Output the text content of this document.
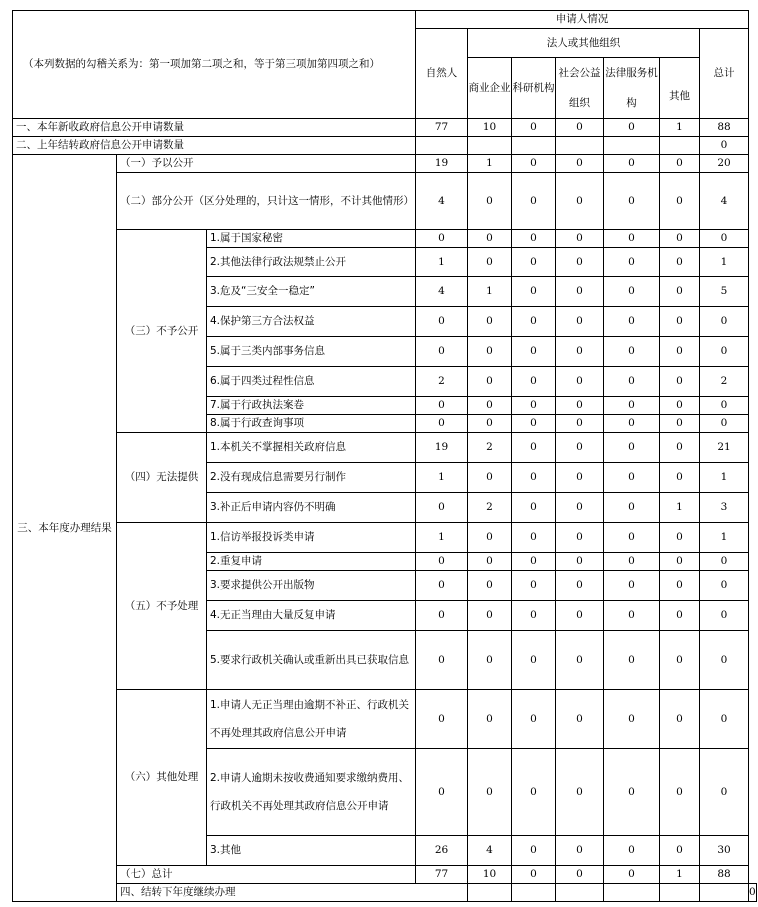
（本列数据的勾稽关系为：第一项加第二项之和，等于第三项加第四项之和）			申请人情况							
			自然人	法人或其他组织					总计	
				商业企业	科研机构	社会公益组织	法律服务机构			
								其他		
一、本年新收政府信息公开申请数量			77	10	0	0	0	1	88	
二、上年结转政府信息公开申请数量									0	
三、本年度办理结果	（一）予以公开		19	1	0	0	0	0	20	
	（二）部分公开（区分处理的，只计这一情形，不计其他情形）		4	0	0	0	0	0	4	
	（三）不予公开	1.属于国家秘密	0	0	0	0	0	0	0	
		2.其他法律行政法规禁止公开	1	0	0	0	0	0	1	
		3.危及“三安全一稳定”	4	1	0	0	0	0	5	
		4.保护第三方合法权益	0	0	0	0	0	0	0	
		5.属于三类内部事务信息	0	0	0	0	0	0	0	
		6.属于四类过程性信息	2	0	0	0	0	0	2	
		7.属于行政执法案卷	0	0	0	0	0	0	0	
		8.属于行政查询事项	0	0	0	0	0	0	0	
	（四）无法提供	1.本机关不掌握相关政府信息	19	2	0	0	0	0	21	
		2.没有现成信息需要另行制作	1	0	0	0	0	0	1	
		3.补正后申请内容仍不明确	0	2	0	0	0	1	3	
	（五）不予处理	1.信访举报投诉类申请	1	0	0	0	0	0	1	
		2.重复申请	0	0	0	0	0	0	0	
		3.要求提供公开出版物	0	0	0	0	0	0	0	
		4.无正当理由大量反复申请	0	0	0	0	0	0	0	
		5.要求行政机关确认或重新出具已获取信息	0	0	0	0	0	0	0	
	（六）其他处理	1.申请人无正当理由逾期不补正、行政机关不再处理其政府信息公开申请	0	0	0	0	0	0	0	
		2.申请人逾期未按收费通知要求缴纳费用、行政机关不再处理其政府信息公开申请	0	0	0	0	0	0	0	
		3.其他	26	4	0	0	0	0	30	
	（七）总计		77	10	0	0	0	1	88	
	四、结转下年度继续办理									0
